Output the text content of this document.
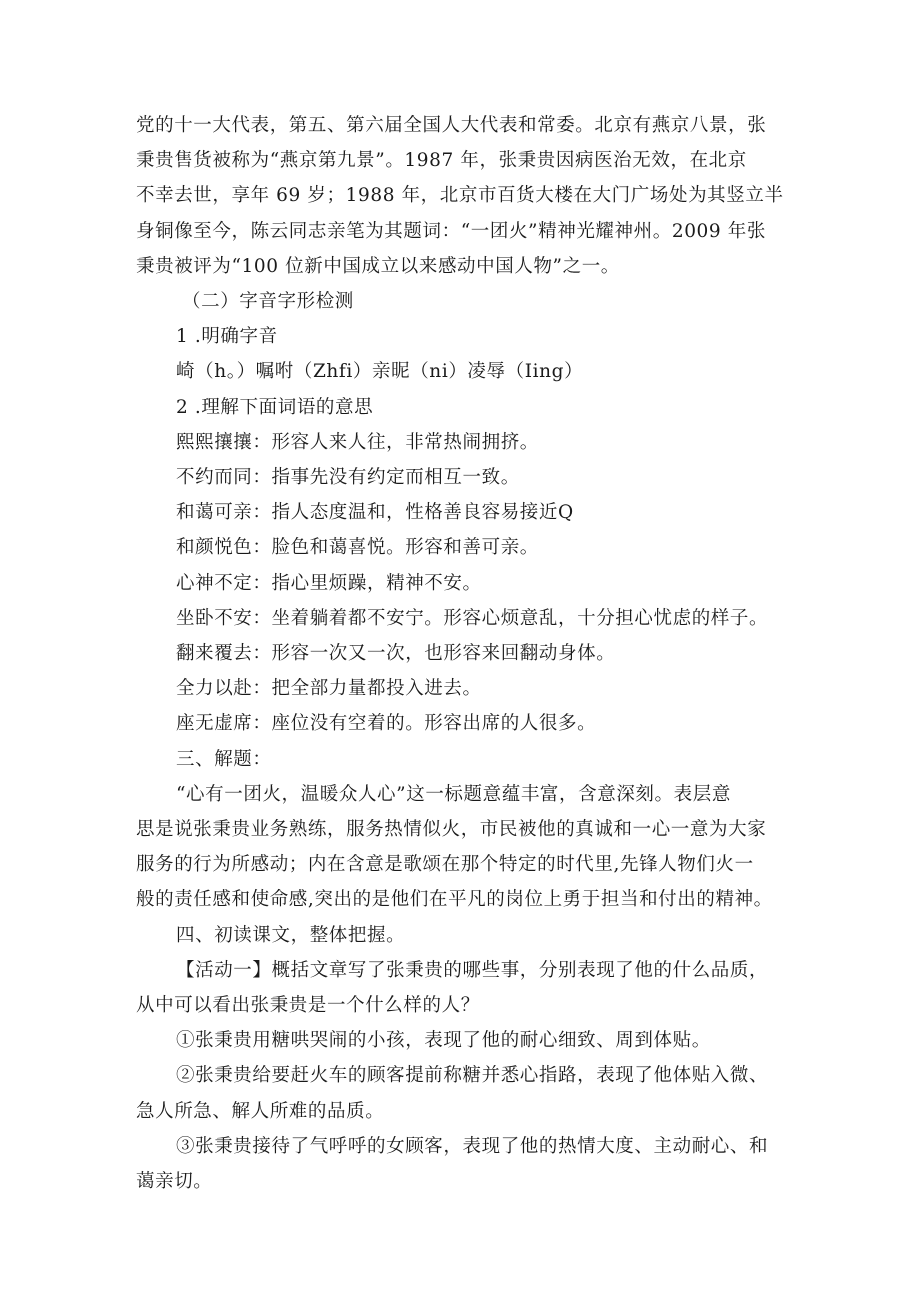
党的十一大代表，第五、第六届全国人大代表和常委。北京有燕京八景，张

秉贵售货被称为“燕京第九景”。1987 年，张秉贵因病医治无效，在北京

不幸去世，享年 69 岁；1988 年，北京市百货大楼在大门广场处为其竖立半

身铜像至今，陈云同志亲笔为其题词：“一团火”精神光耀神州。2009 年张

秉贵被评为“100 位新中国成立以来感动中国人物”之一。

（二）字音字形检测

1 .明确字音

崎（h。）嘱咐（Zhfi）亲昵（ni）凌辱（Iing）

2 .理解下面词语的意思

熙熙攘攘：形容人来人往，非常热闹拥挤。

不约而同：指事先没有约定而相互一致。

和蔼可亲：指人态度温和，性格善良容易接近Q

和颜悦色：脸色和蔼喜悦。形容和善可亲。

心神不定：指心里烦躁，精神不安。

坐卧不安：坐着躺着都不安宁。形容心烦意乱，十分担心忧虑的样子。

翻来覆去：形容一次又一次，也形容来回翻动身体。

全力以赴：把全部力量都投入进去。

座无虚席：座位没有空着的。形容出席的人很多。

三、解题：

“心有一团火，温暖众人心”这一标题意蕴丰富，含意深刻。表层意

思是说张秉贵业务熟练，服务热情似火，市民被他的真诚和一心一意为大家

服务的行为所感动；内在含意是歌颂在那个特定的时代里,先锋人物们火一

般的责任感和使命感,突出的是他们在平凡的岗位上勇于担当和付出的精神。

四、初读课文，整体把握。

【活动一】概括文章写了张秉贵的哪些事，分别表现了他的什么品质，

从中可以看出张秉贵是一个什么样的人？

①张秉贵用糖哄哭闹的小孩，表现了他的耐心细致、周到体贴。

②张秉贵给要赶火车的顾客提前称糖并悉心指路，表现了他体贴入微、

急人所急、解人所难的品质。

③张秉贵接待了气呼呼的女顾客，表现了他的热情大度、主动耐心、和

蔼亲切。
